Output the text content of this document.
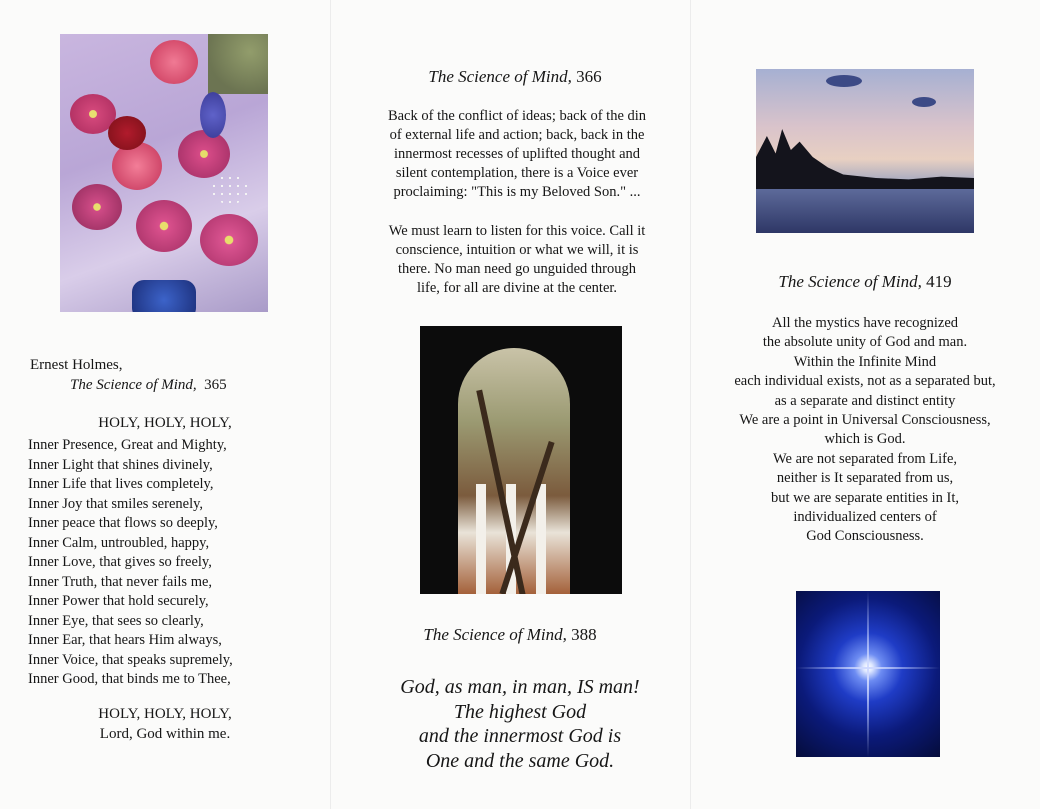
Ernest Holmes,
The Science of Mind, 365
HOLY, HOLY, HOLY,
Inner Presence, Great and Mighty,
Inner Light that shines divinely,
Inner Life that lives completely,
Inner Joy that smiles serenely,
Inner peace that flows so deeply,
Inner Calm, untroubled, happy,
Inner Love, that gives so freely,
Inner Truth, that never fails me,
Inner Power that hold securely,
Inner Eye, that sees so clearly,
Inner Ear, that hears Him always,
Inner Voice, that speaks supremely,
Inner Good, that binds me to Thee,
HOLY, HOLY, HOLY,
Lord, God within me.
The Science of Mind, 366
Back of the conflict of ideas; back of the din
of external life and action; back, back in the
innermost recesses of uplifted thought and
silent contemplation, there is a Voice ever
proclaiming: "This is my Beloved Son." ...
We must learn to listen for this voice. Call it
conscience, intuition or what we will, it is
there. No man need go unguided through
life, for all are divine at the center.
The Science of Mind, 388
God, as man, in man, IS man!
The highest God
and the innermost God is
One and the same God.
The Science of Mind, 419
All the mystics have recognized
the absolute unity of God and man.
Within the Infinite Mind
each individual exists, not as a separated but,
as a separate and distinct entity
We are a point in Universal Consciousness,
which is God.
We are not separated from Life,
neither is It separated from us,
but we are separate entities in It,
individualized centers of
God Consciousness.
